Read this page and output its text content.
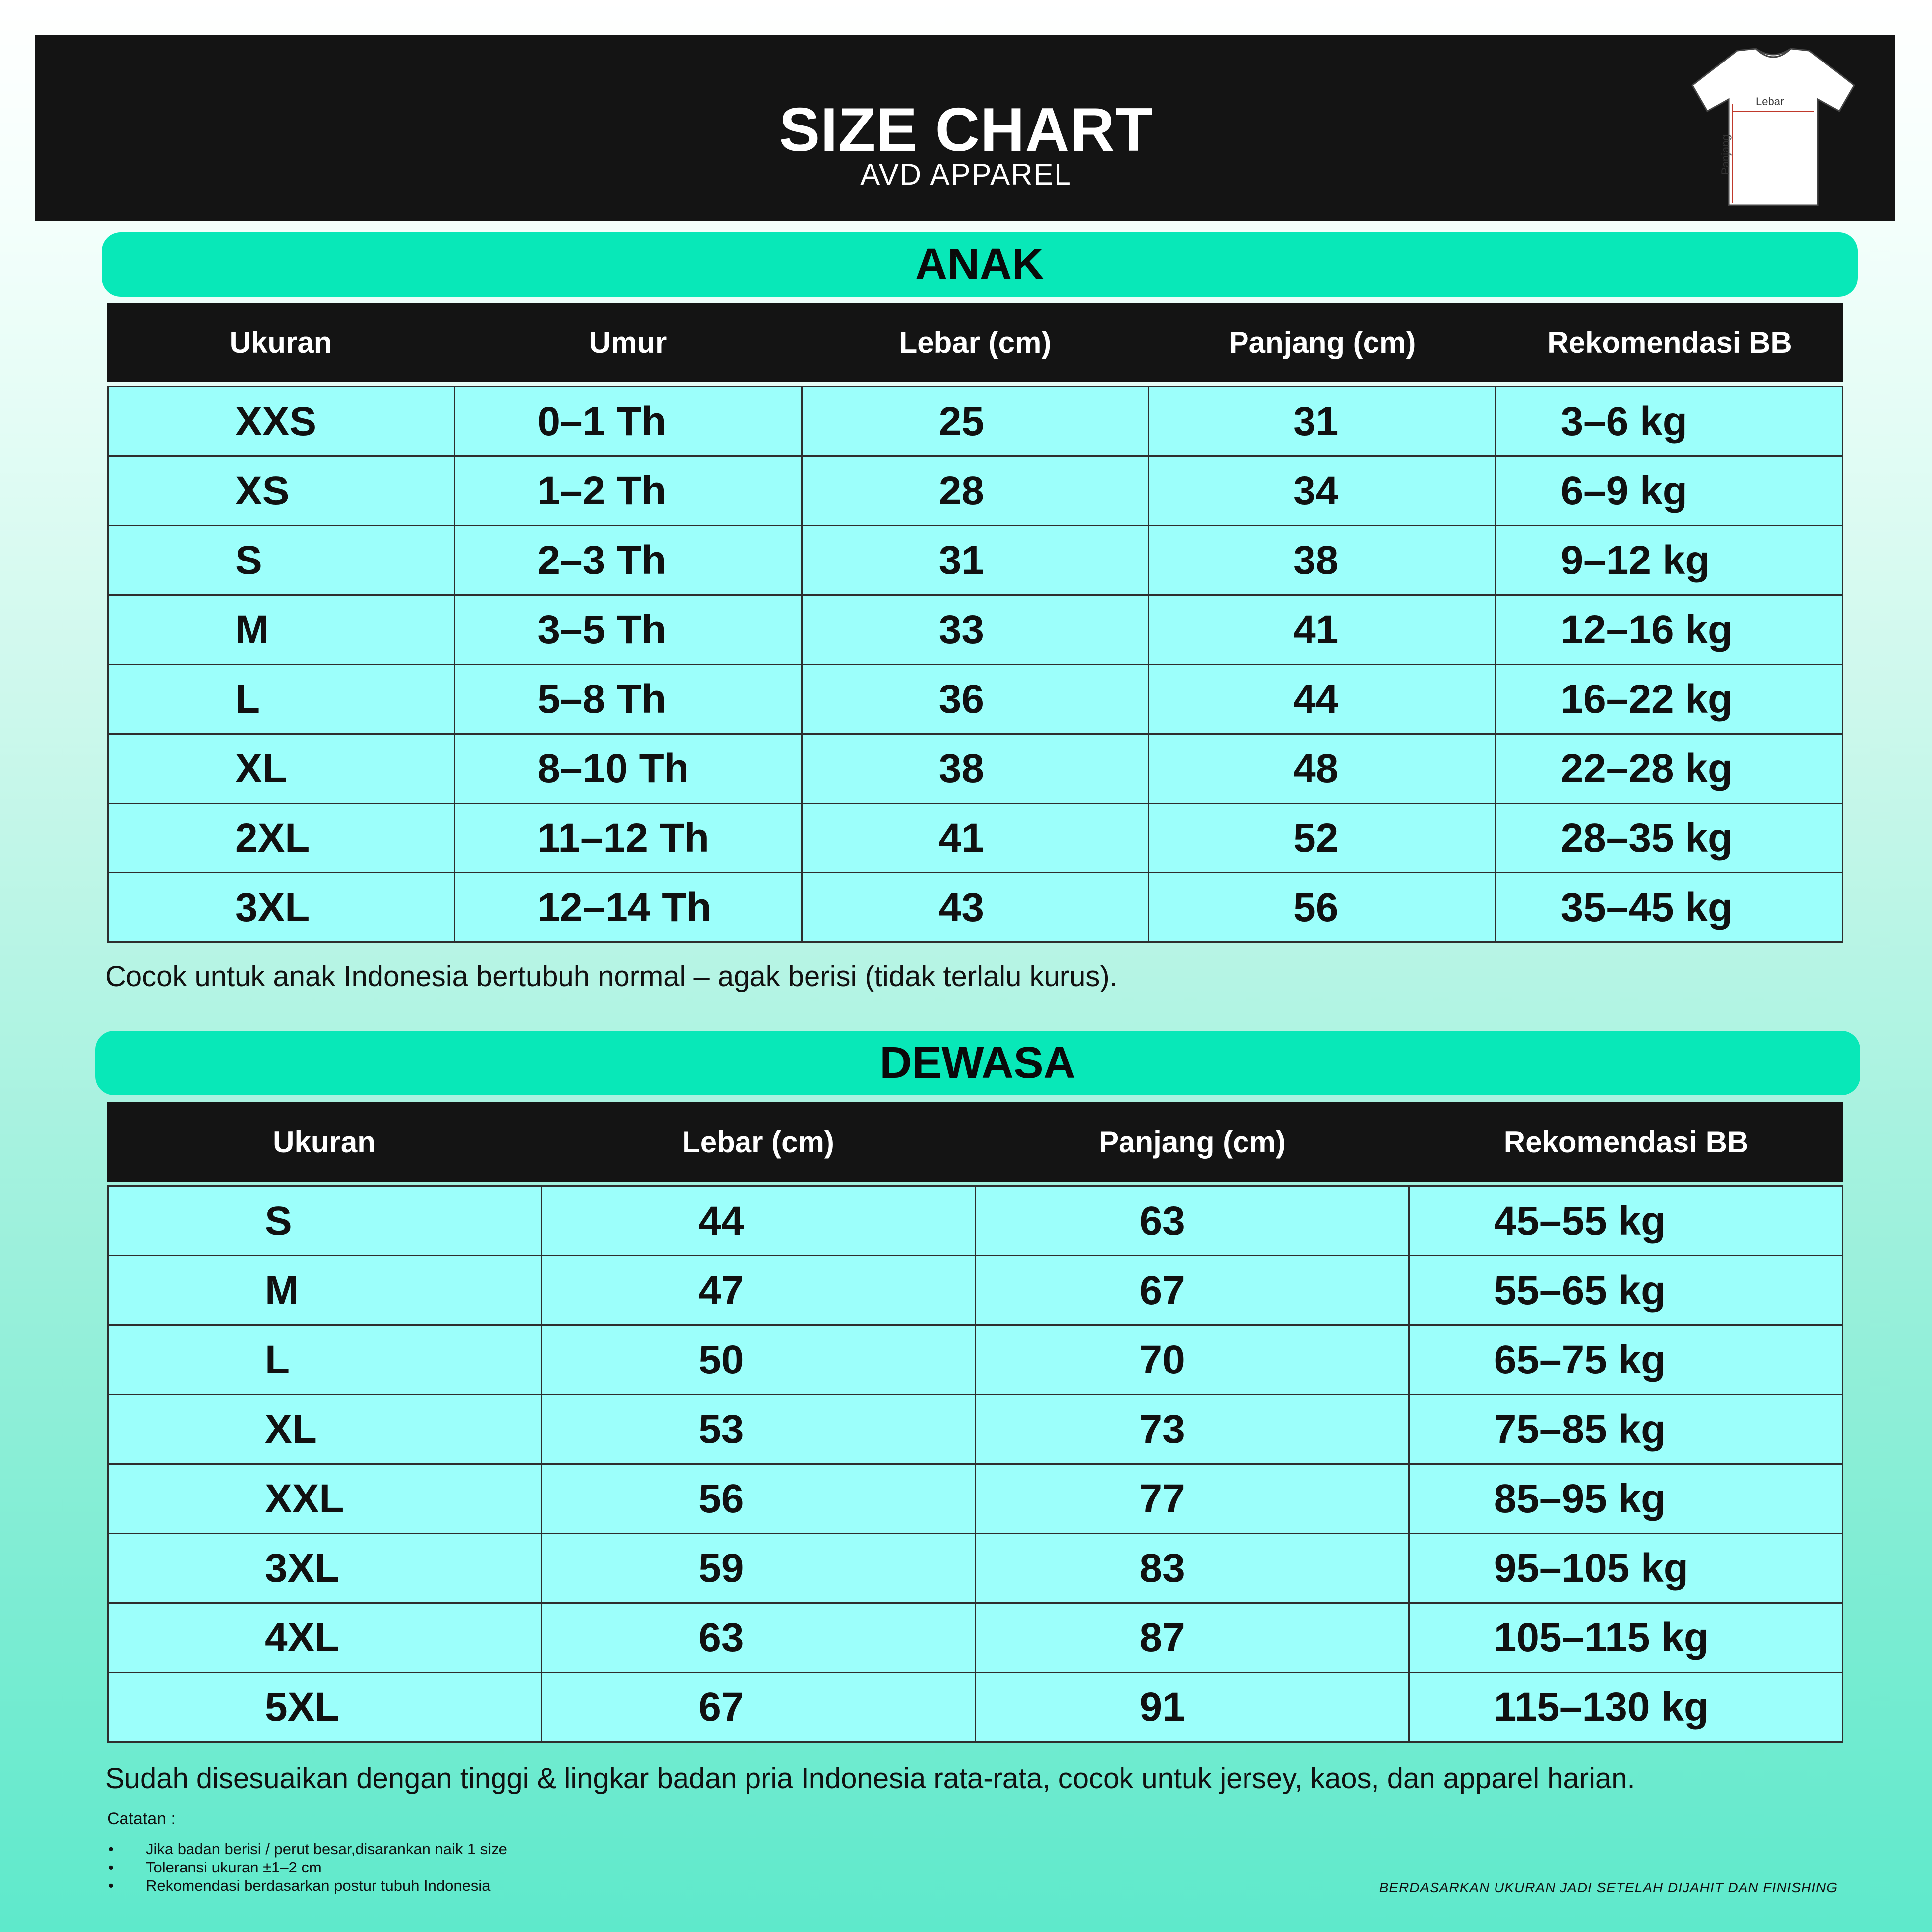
SIZE CHART
AVD APPAREL
Lebar
Panjang
ANAK
Ukuran	Umur	Lebar (cm)	Panjang (cm)	Rekomendasi BB
XXS	0–1 Th	25	31	3–6 kg
XS	1–2 Th	28	34	6–9 kg
S	2–3 Th	31	38	9–12 kg
M	3–5 Th	33	41	12–16 kg
L	5–8 Th	36	44	16–22 kg
XL	8–10 Th	38	48	22–28 kg
2XL	11–12 Th	41	52	28–35 kg
3XL	12–14 Th	43	56	35–45 kg
Cocok untuk anak Indonesia bertubuh normal – agak berisi (tidak terlalu kurus).
DEWASA
Ukuran	Lebar (cm)	Panjang (cm)	Rekomendasi BB
S	44	63	45–55 kg
M	47	67	55–65 kg
L	50	70	65–75 kg
XL	53	73	75–85 kg
XXL	56	77	85–95 kg
3XL	59	83	95–105 kg
4XL	63	87	105–115 kg
5XL	67	91	115–130 kg
Sudah disesuaikan dengan tinggi & lingkar badan pria Indonesia rata-rata, cocok untuk jersey, kaos, dan apparel harian.
Catatan :
• Jika badan berisi / perut besar,disarankan naik 1 size
• Toleransi ukuran ±1–2 cm
• Rekomendasi berdasarkan postur tubuh Indonesia	BERDASARKAN UKURAN JADI SETELAH DIJAHIT DAN FINISHING
